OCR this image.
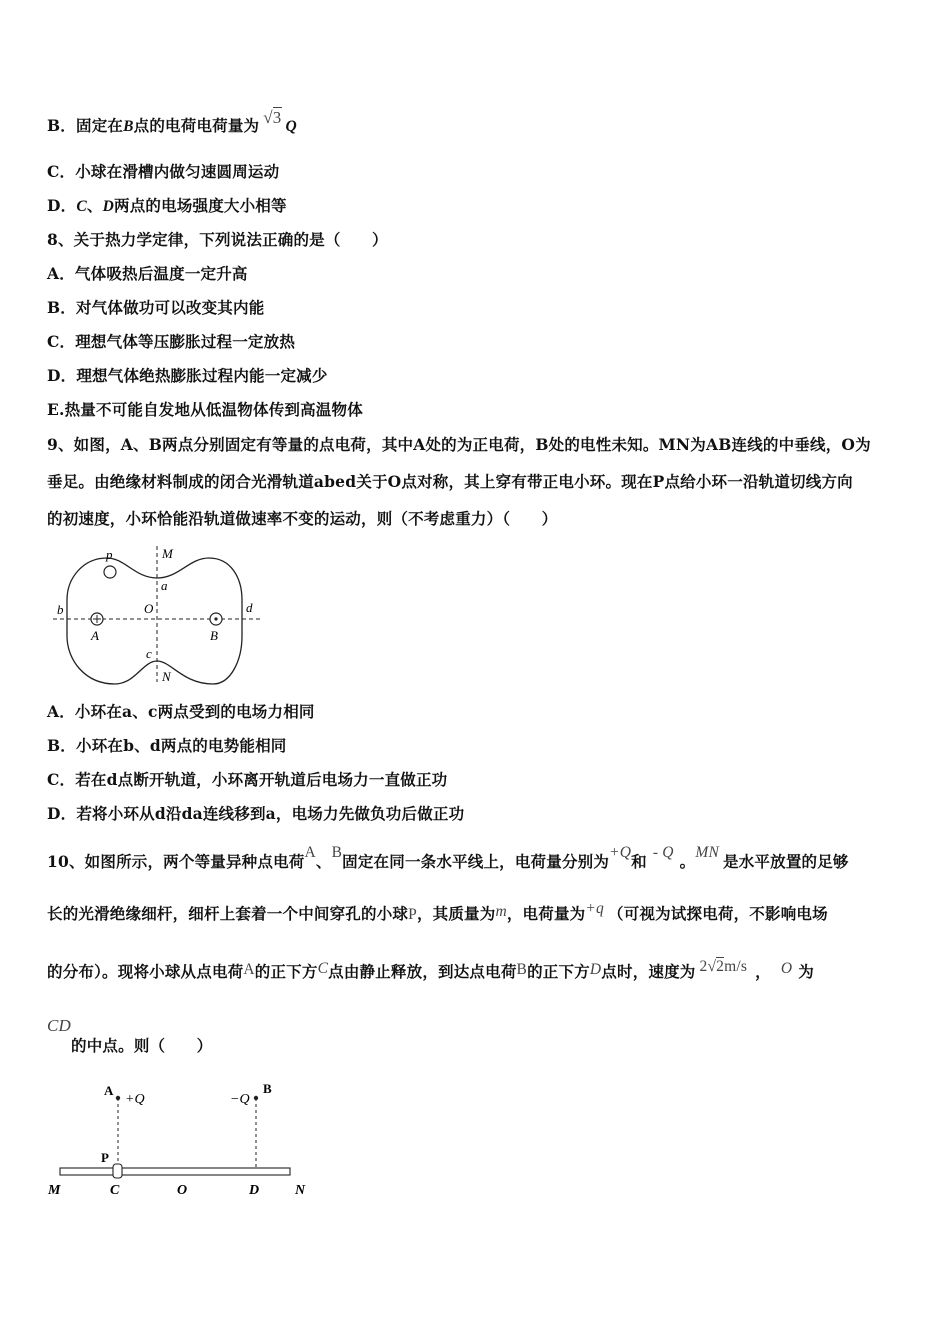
B．固定在B点的电荷电荷量为 √3 Q
C．小球在滑槽内做匀速圆周运动
D．C、D两点的电场强度大小相等
8、关于热力学定律，下列说法正确的是（　　）
A．气体吸热后温度一定升高
B．对气体做功可以改变其内能
C．理想气体等压膨胀过程一定放热
D．理想气体绝热膨胀过程内能一定减少
E.热量不可能自发地从低温物体传到高温物体
9、如图，A、B两点分别固定有等量的点电荷，其中A处的为正电荷，B处的电性未知。MN为AB连线的中垂线，O为
垂足。由绝缘材料制成的闭合光滑轨道abed关于O点对称，其上穿有带正电小环。现在P点给小环一沿轨道切线方向
的初速度，小环恰能沿轨道做速率不变的运动，则（不考虑重力）（　　）
p	M
a
b	O	d
A	B
c
N
A．小环在a、c两点受到的电场力相同
B．小环在b、d两点的电势能相同
C．若在d点断开轨道，小环离开轨道后电场力一直做正功
D．若将小环从d沿da连线移到a，电场力先做负功后做正功
10、如图所示，两个等量异种点电荷A、B固定在同一条水平线上，电荷量分别为+Q和 - Q 。MN 是水平放置的足够
长的光滑绝缘细杆，细杆上套着一个中间穿孔的小球P，其质量为m，电荷量为+q （可视为试探电荷，不影响电场
的分布）。现将小球从点电荷A的正下方C点由静止释放，到达点电荷B的正下方D点时，速度为 2√2m/s ， O 为
CD的中点。则（　　）
A
+Q	−Q
B
P
M	C	O	D	N
